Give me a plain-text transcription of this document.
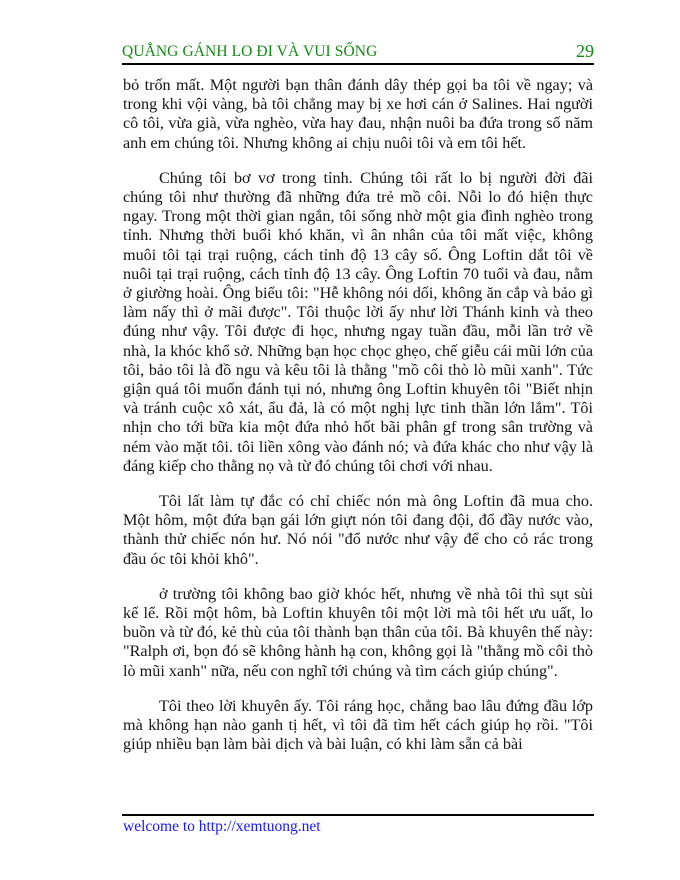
QUẲNG GÁNH LO ĐI VÀ VUI SỐNG	29

bỏ trốn mất. Một người bạn thân đánh dây thép gọi ba tôi về ngay; và trong khi vội vàng, bà tôi chẳng may bị xe hơi cán ở Salines. Hai người cô tôi, vừa già, vừa nghèo, vừa hay đau, nhận nuôi ba đứa trong số năm anh em chúng tôi. Nhưng không ai chịu nuôi tôi và em tôi hết.

Chúng tôi bơ vơ trong tỉnh. Chúng tôi rất lo bị người đời đãi chúng tôi như thường đã những đứa trẻ mồ côi. Nỗi lo đó hiện thực ngay. Trong một thời gian ngắn, tôi sống nhờ một gia đình nghèo trong tỉnh. Nhưng thời buổi khó khăn, vì ân nhân của tôi mất việc, không muôi tôi tại trại ruộng, cách tỉnh độ 13 cây số. Ông Loftin dắt tôi về nuôi tại trại ruộng, cách tỉnh độ 13 cây. Ông Loftin 70 tuổi và đau, nằm ở giường hoài. Ông biểu tôi: "Hễ không nói dối, không ăn cắp và bảo gì làm nấy thì ở mãi được". Tôi thuộc lời ấy như lời Thánh kinh và theo đúng như vậy. Tôi được đi học, nhưng ngay tuần đầu, mỗi lần trở về nhà, la khóc khổ sở. Những bạn học chọc ghẹo, chế giễu cái mũi lớn của tôi, bảo tôi là đồ ngu và kêu tôi là thằng "mồ côi thò lò mũi xanh". Tức giận quá tôi muốn đánh tụi nó, nhưng ông Loftin khuyên tôi "Biết nhịn và tránh cuộc xô xát, ẩu đả, là có một nghị lực tinh thần lớn lắm". Tôi nhịn cho tới bữa kia một đứa nhỏ hốt bãi phân gf trong sân trường và ném vào mặt tôi. tôi liền xông vào đánh nó; và đứa khác cho như vậy là đáng kiếp cho thằng nọ và từ đó chúng tôi chơi với nhau.

Tôi lất làm tự đắc có chỉ chiếc nón mà ông Loftin đã mua cho. Một hôm, một đứa bạn gái lớn giựt nón tôi đang đội, đổ đầy nước vào, thành thử chiếc nón hư. Nó nói "đổ nước như vậy để cho cỏ rác trong đầu óc tôi khỏi khô".

ở trường tôi không bao giờ khóc hết, nhưng về nhà tôi thì sụt sùi kể lể. Rồi một hôm, bà Loftin khuyên tôi một lời mà tôi hết ưu uất, lo buồn và từ đó, kẻ thù của tôi thành bạn thân của tôi. Bà khuyên thế này: "Ralph ơi, bọn đó sẽ không hành hạ con, không gọi là "thằng mồ côi thò lò mũi xanh" nữa, nếu con nghĩ tới chúng và tìm cách giúp chúng".

Tôi theo lời khuyên ấy. Tôi ráng học, chẳng bao lâu đứng đầu lớp mà không hạn nào ganh tị hết, vì tôi đã tìm hết cách giúp họ rồi. "Tôi giúp nhiều bạn làm bài dịch và bài luận, có khi làm sẵn cả bài

welcome to http://xemtuong.net
